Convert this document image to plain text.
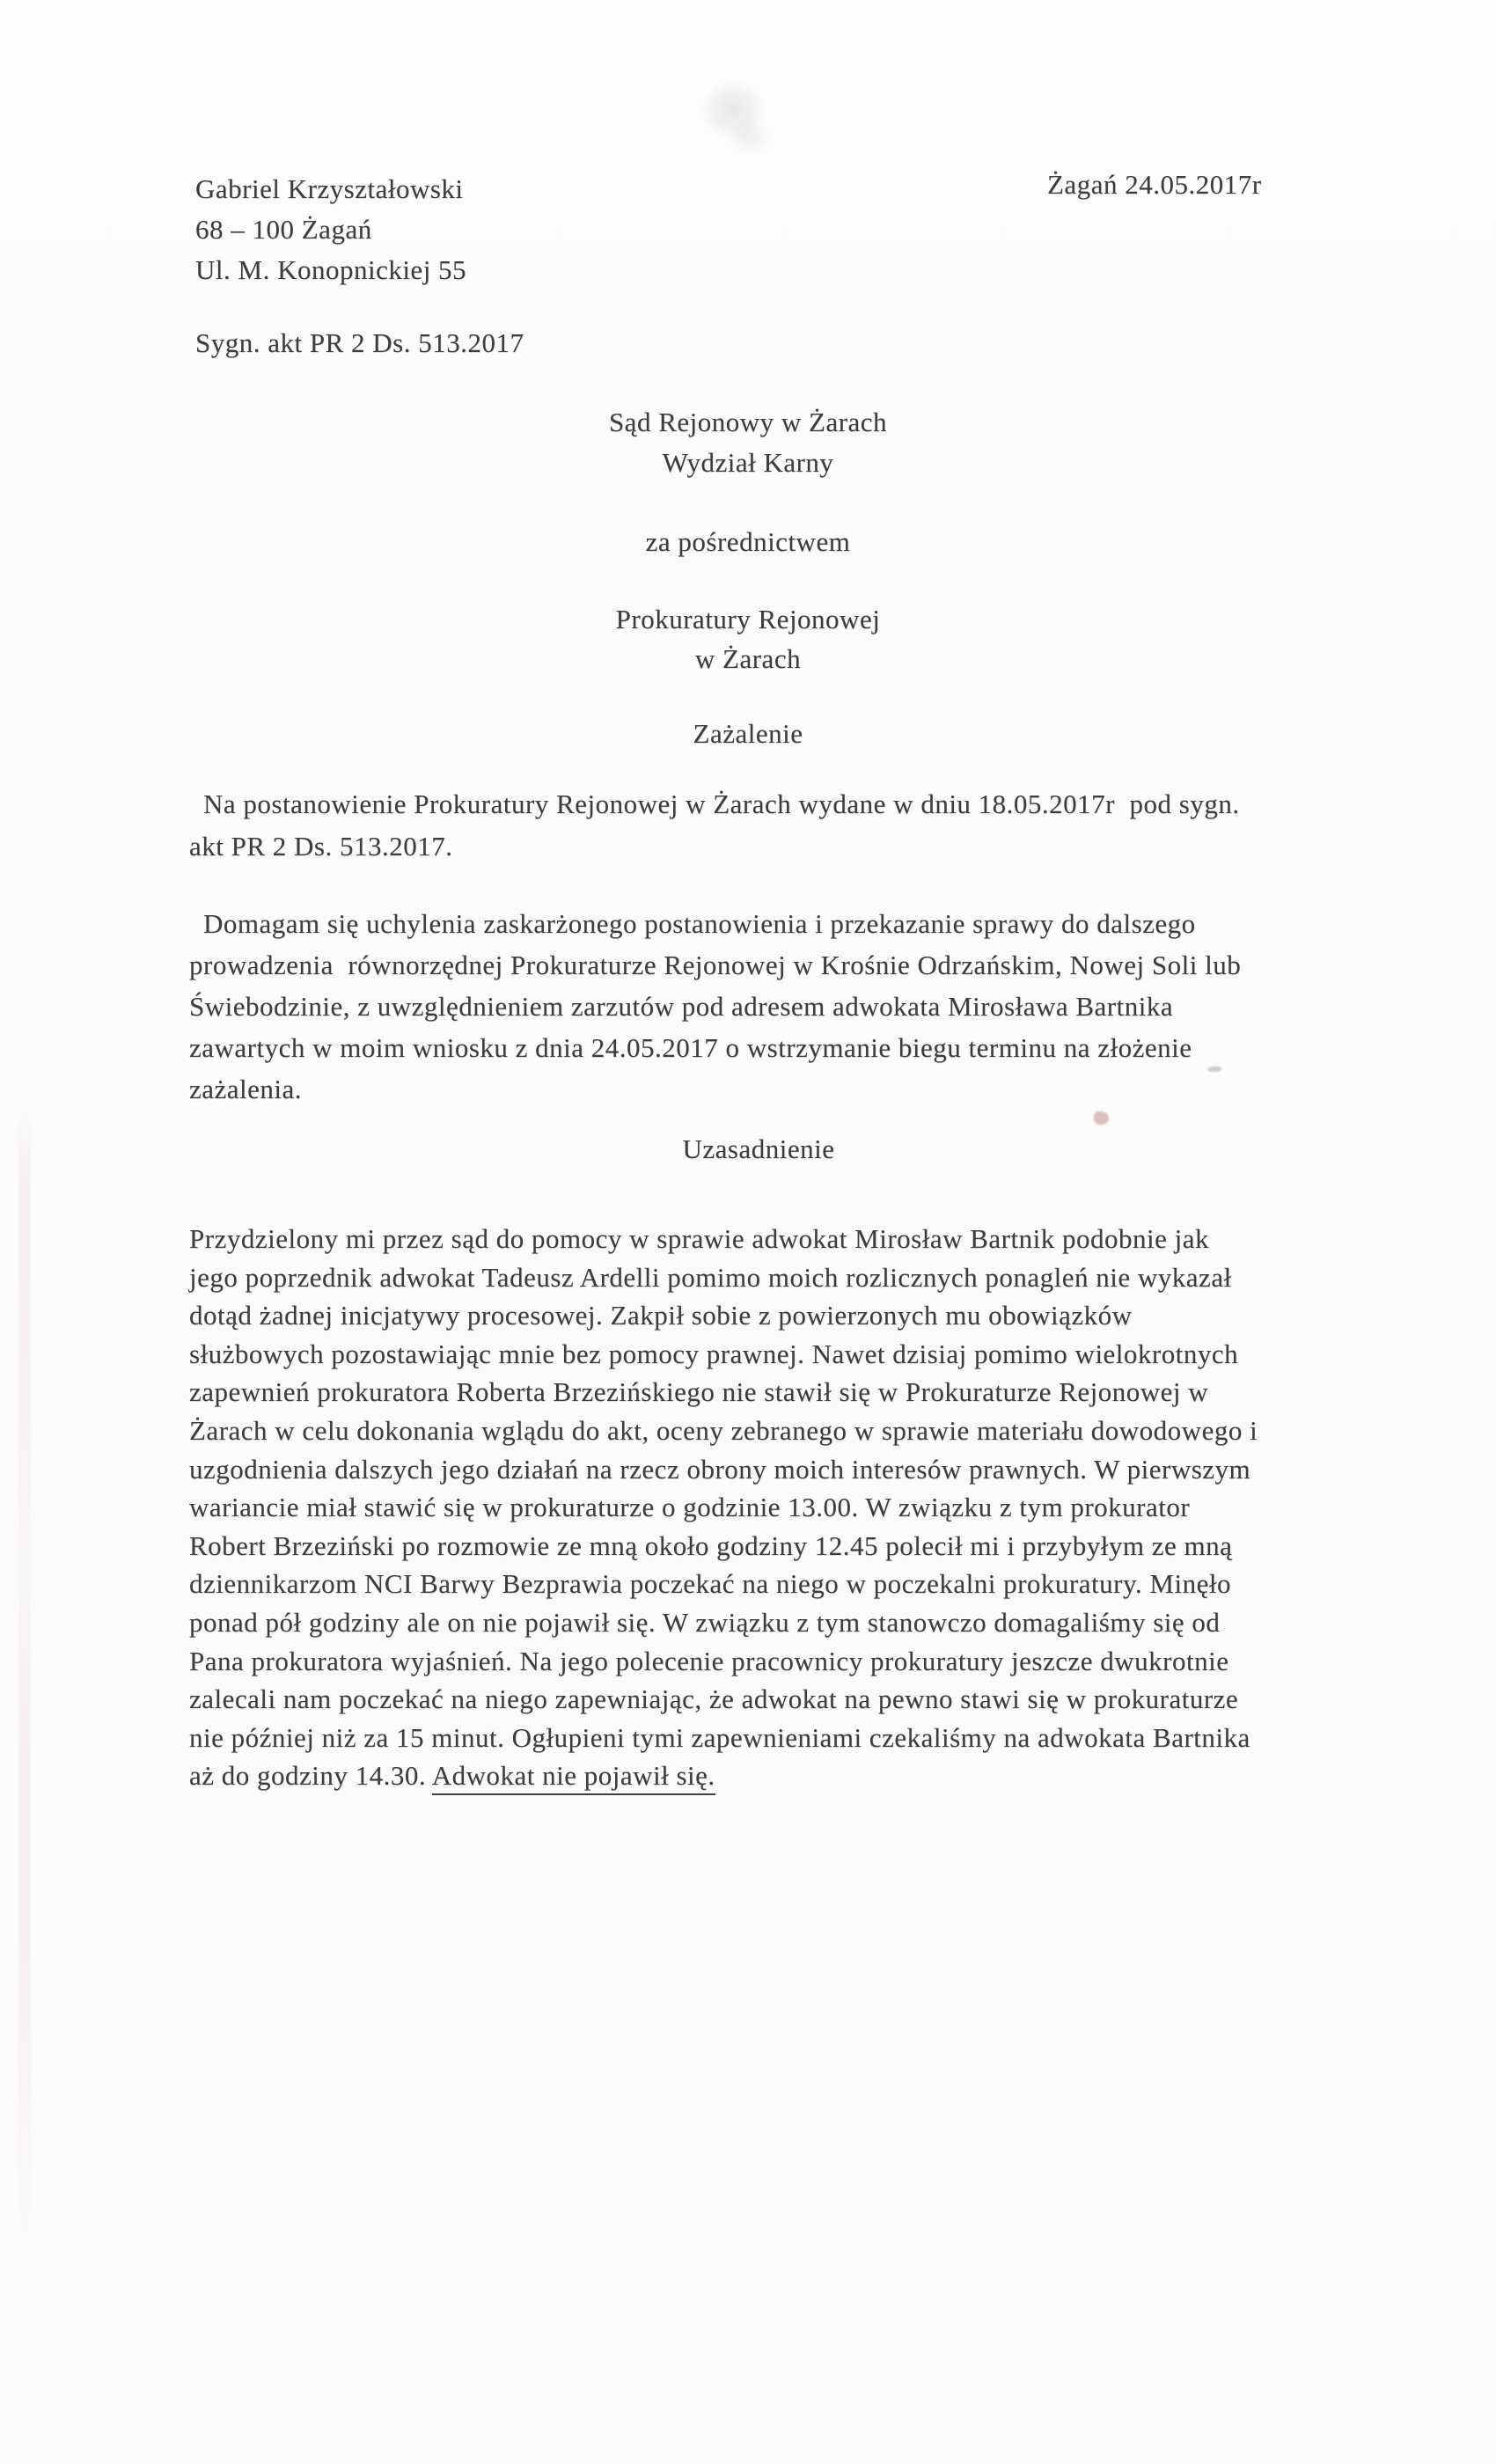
Gabriel Krzyształowski
68 – 100 Żagań
Ul. M. Konopnickiej 55
Żagań 24.05.2017r
Sygn. akt PR 2 Ds. 513.2017
Sąd Rejonowy w Żarach
Wydział Karny
za pośrednictwem
Prokuratury Rejonowej
w Żarach
Zażalenie
Na postanowienie Prokuratury Rejonowej w Żarach wydane w dniu 18.05.2017r  pod sygn.
akt PR 2 Ds. 513.2017.
Domagam się uchylenia zaskarżonego postanowienia i przekazanie sprawy do dalszego
prowadzenia  równorzędnej Prokuraturze Rejonowej w Krośnie Odrzańskim, Nowej Soli lub
Świebodzinie, z uwzględnieniem zarzutów pod adresem adwokata Mirosława Bartnika
zawartych w moim wniosku z dnia 24.05.2017 o wstrzymanie biegu terminu na złożenie
zażalenia.
Uzasadnienie
Przydzielony mi przez sąd do pomocy w sprawie adwokat Mirosław Bartnik podobnie jak
jego poprzednik adwokat Tadeusz Ardelli pomimo moich rozlicznych ponagleń nie wykazał
dotąd żadnej inicjatywy procesowej. Zakpił sobie z powierzonych mu obowiązków
służbowych pozostawiając mnie bez pomocy prawnej. Nawet dzisiaj pomimo wielokrotnych
zapewnień prokuratora Roberta Brzezińskiego nie stawił się w Prokuraturze Rejonowej w
Żarach w celu dokonania wglądu do akt, oceny zebranego w sprawie materiału dowodowego i
uzgodnienia dalszych jego działań na rzecz obrony moich interesów prawnych. W pierwszym
wariancie miał stawić się w prokuraturze o godzinie 13.00. W związku z tym prokurator
Robert Brzeziński po rozmowie ze mną około godziny 12.45 polecił mi i przybyłym ze mną
dziennikarzom NCI Barwy Bezprawia poczekać na niego w poczekalni prokuratury. Minęło
ponad pół godziny ale on nie pojawił się. W związku z tym stanowczo domagaliśmy się od
Pana prokuratora wyjaśnień. Na jego polecenie pracownicy prokuratury jeszcze dwukrotnie
zalecali nam poczekać na niego zapewniając, że adwokat na pewno stawi się w prokuraturze
nie później niż za 15 minut. Ogłupieni tymi zapewnieniami czekaliśmy na adwokata Bartnika
aż do godziny 14.30. Adwokat nie pojawił się.
